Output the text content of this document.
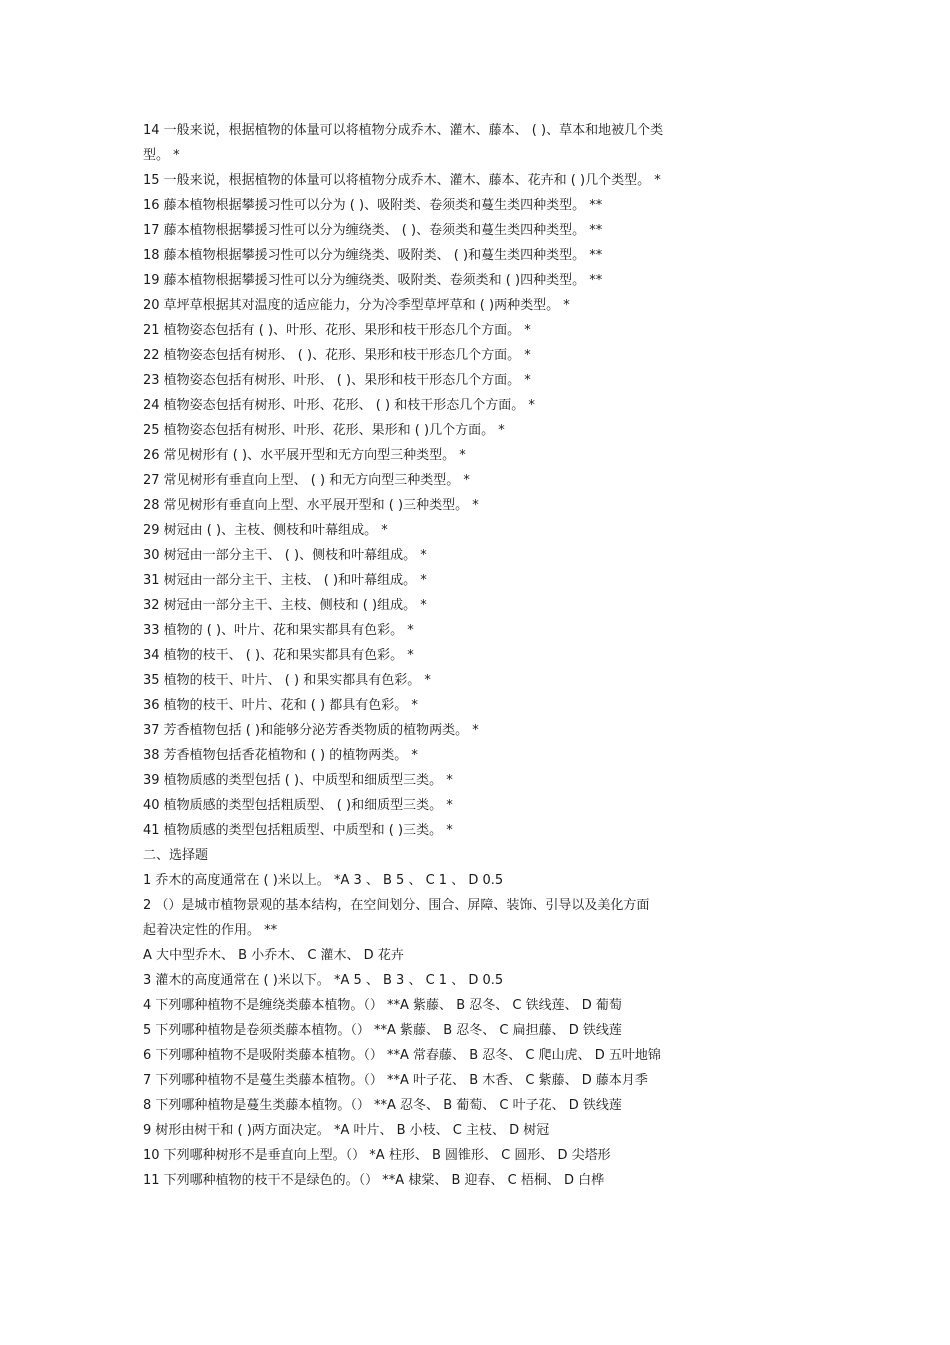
14 一般来说，根据植物的体量可以将植物分成乔木、灌木、藤本、 ( )、草本和地被几个类
型。 *
15 一般来说，根据植物的体量可以将植物分成乔木、灌木、藤本、花卉和 ( )几个类型。 *
16 藤本植物根据攀援习性可以分为 ( )、吸附类、卷须类和蔓生类四种类型。 **
17 藤本植物根据攀援习性可以分为缠绕类、 ( )、卷须类和蔓生类四种类型。 **
18 藤本植物根据攀援习性可以分为缠绕类、吸附类、 ( )和蔓生类四种类型。 **
19 藤本植物根据攀援习性可以分为缠绕类、吸附类、卷须类和 ( )四种类型。 **
20 草坪草根据其对温度的适应能力，分为冷季型草坪草和 ( )两种类型。 *
21 植物姿态包括有 ( )、叶形、花形、果形和枝干形态几个方面。 *
22 植物姿态包括有树形、 ( )、花形、果形和枝干形态几个方面。 *
23 植物姿态包括有树形、叶形、 ( )、果形和枝干形态几个方面。 *
24 植物姿态包括有树形、叶形、花形、 ( ) 和枝干形态几个方面。 *
25 植物姿态包括有树形、叶形、花形、果形和 ( )几个方面。 *
26 常见树形有 ( )、水平展开型和无方向型三种类型。 *
27 常见树形有垂直向上型、 ( ) 和无方向型三种类型。 *
28 常见树形有垂直向上型、水平展开型和 ( )三种类型。 *
29 树冠由 ( )、主枝、侧枝和叶幕组成。 *
30 树冠由一部分主干、 ( )、侧枝和叶幕组成。 *
31 树冠由一部分主干、主枝、 ( )和叶幕组成。 *
32 树冠由一部分主干、主枝、侧枝和 ( )组成。 *
33 植物的 ( )、叶片、花和果实都具有色彩。 *
34 植物的枝干、 ( )、花和果实都具有色彩。 *
35 植物的枝干、叶片、 ( ) 和果实都具有色彩。 *
36 植物的枝干、叶片、花和 ( ) 都具有色彩。 *
37 芳香植物包括 ( )和能够分泌芳香类物质的植物两类。 *
38 芳香植物包括香花植物和 ( ) 的植物两类。 *
39 植物质感的类型包括 ( )、中质型和细质型三类。 *
40 植物质感的类型包括粗质型、 ( )和细质型三类。 *
41 植物质感的类型包括粗质型、中质型和 ( )三类。 *
二、选择题
1 乔木的高度通常在 ( )米以上。 *A 3 、 B 5 、 C 1 、 D 0.5
2 （）是城市植物景观的基本结构，在空间划分、围合、屏障、装饰、引导以及美化方面
起着决定性的作用。 **
A 大中型乔木、 B 小乔木、 C 灌木、 D 花卉
3 灌木的高度通常在 ( )米以下。 *A 5 、 B 3 、 C 1 、 D 0.5
4 下列哪种植物不是缠绕类藤本植物。（） **A 紫藤、 B 忍冬、 C 铁线莲、 D 葡萄
5 下列哪种植物是卷须类藤本植物。（） **A 紫藤、 B 忍冬、 C 扁担藤、 D 铁线莲
6 下列哪种植物不是吸附类藤本植物。（） **A 常春藤、 B 忍冬、 C 爬山虎、 D 五叶地锦
7 下列哪种植物不是蔓生类藤本植物。（） **A 叶子花、 B 木香、 C 紫藤、 D 藤本月季
8 下列哪种植物是蔓生类藤本植物。（） **A 忍冬、 B 葡萄、 C 叶子花、 D 铁线莲
9 树形由树干和 ( )两方面决定。 *A 叶片、 B 小枝、 C 主枝、 D 树冠
10 下列哪种树形不是垂直向上型。（） *A 柱形、 B 圆锥形、 C 圆形、 D 尖塔形
11 下列哪种植物的枝干不是绿色的。（） **A 棣棠、 B 迎春、 C 梧桐、 D 白桦
